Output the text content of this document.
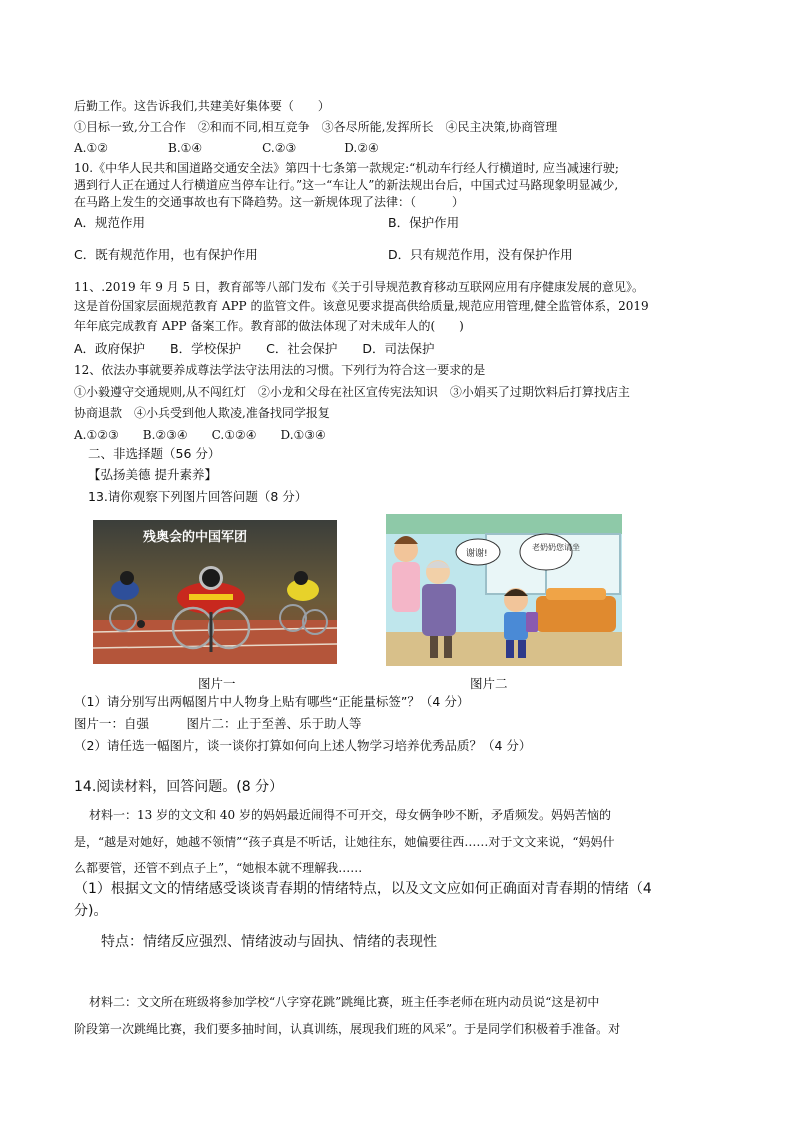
后勤工作。这告诉我们,共建美好集体要（　　）
①目标一致,分工合作　②和而不同,相互竞争　③各尽所能,发挥所长　④民主决策,协商管理
A.①②　　　　　B.①④　　　　　C.②③　　　　D.②④
10.《中华人民共和国道路交通安全法》第四十七条第一款规定:“机动车行经人行横道时, 应当减速行驶;
遇到行人正在通过人行横道应当停车让行。”这一“车让人”的新法规出台后，中国式过马路现象明显减少,
在马路上发生的交通事故也有下降趋势。这一新规体现了法律：（　　　）
A．规范作用	B．保护作用
C．既有规范作用，也有保护作用	D．只有规范作用，没有保护作用
11、.2019 年 9 月 5 日，教育部等八部门发布《关于引导规范教育移动互联网应用有序健康发展的意见》。
这是首份国家层面规范教育 APP 的监管文件。该意见要求提高供给质量,规范应用管理,健全监管体系，2019
年年底完成教育 APP 备案工作。教育部的做法体现了对未成年人的(　　)
A．政府保护　　B．学校保护　　C．社会保护　　D．司法保护
12、依法办事就要养成尊法学法守法用法的习惯。下列行为符合这一要求的是
①小毅遵守交通规则,从不闯红灯　②小龙和父母在社区宣传宪法知识　③小娟买了过期饮料后打算找店主
协商退款　④小兵受到他人欺凌,准备找同学报复
A.①②③　　B.②③④　　C.①②④　　D.①③④
二、非选择题（56 分）
【弘扬美德 提升素养】
13.请你观察下列图片回答问题（8 分）
残奥会的中国军团
谢谢!
老奶奶您请坐
图片一	图片二
（1）请分别写出两幅图片中人物身上贴有哪些“正能量标签”？（4 分）
图片一：自强　　　图片二：止于至善、乐于助人等
（2）请任选一幅图片，谈一谈你打算如何向上述人物学习培养优秀品质？（4 分）
14.阅读材料，回答问题。(8 分）
材料一：13 岁的文文和 40 岁的妈妈最近闹得不可开交，母女俩争吵不断，矛盾频发。妈妈苦恼的
是，“越是对她好，她越不领情”“孩子真是不听话，让她往东，她偏要往西……对于文文来说，“妈妈什
么都要管，还管不到点子上”，“她根本就不理解我……
（1）根据文文的情绪感受谈谈青春期的情绪特点，以及文文应如何正确面对青春期的情绪（4
分)。
特点：情绪反应强烈、情绪波动与固执、情绪的表现性
材料二：文文所在班级将参加学校“八字穿花跳”跳绳比赛，班主任李老师在班内动员说“这是初中
阶段第一次跳绳比赛，我们要多抽时间，认真训练，展现我们班的风采”。于是同学们积极着手准备。对
